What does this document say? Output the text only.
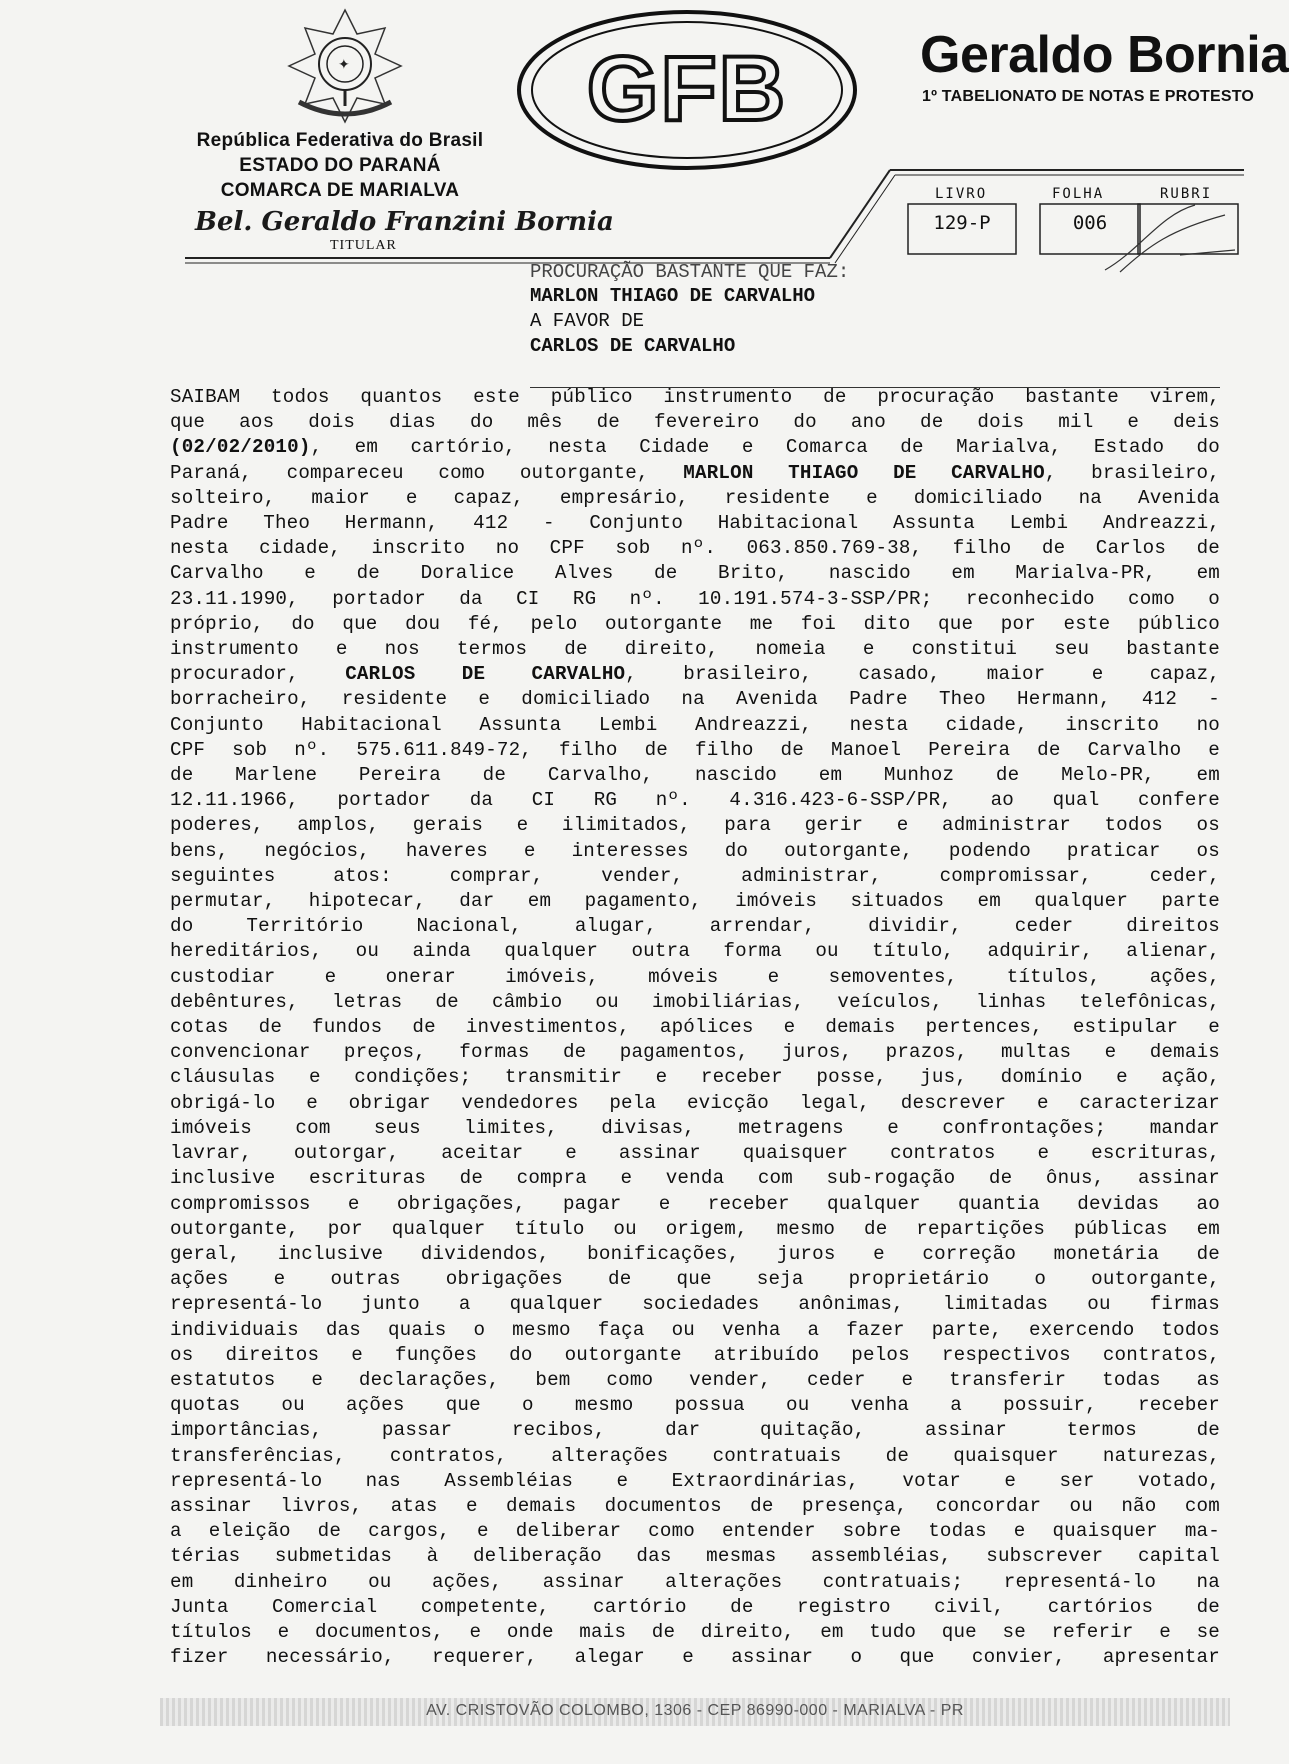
✦
República Federativa do Brasil
ESTADO DO PARANÁ
COMARCA DE MARIALVA
Bel. Geraldo Franzini Bornia
TITULAR
GFB	Geraldo Bornia
1º TABELIONATO DE NOTAS E PROTESTO
LIVRO	FOLHA	RUBRI
129-P	006
PROCURAÇÃO BASTANTE QUE FAZ:
MARLON THIAGO DE CARVALHO
A FAVOR DE
CARLOS DE CARVALHO
SAIBAM todos quantos este público instrumento de procuração bastante virem,
que aos dois dias do mês de fevereiro do ano de dois mil e deis
(02/02/2010), em cartório, nesta Cidade e Comarca de Marialva, Estado do
Paraná, compareceu como outorgante, MARLON THIAGO DE CARVALHO, brasileiro,
solteiro, maior e capaz, empresário, residente e domiciliado na Avenida
Padre Theo Hermann, 412 - Conjunto Habitacional Assunta Lembi Andreazzi,
nesta cidade, inscrito no CPF sob nº. 063.850.769-38, filho de Carlos de
Carvalho e de Doralice Alves de Brito, nascido em Marialva-PR, em
23.11.1990, portador da CI RG nº. 10.191.574-3-SSP/PR; reconhecido como o
próprio, do que dou fé, pelo outorgante me foi dito que por este público
instrumento e nos termos de direito, nomeia e constitui seu bastante
procurador, CARLOS DE CARVALHO, brasileiro, casado, maior e capaz,
borracheiro, residente e domiciliado na Avenida Padre Theo Hermann, 412 -
Conjunto Habitacional Assunta Lembi Andreazzi, nesta cidade, inscrito no
CPF sob nº. 575.611.849-72, filho de filho de Manoel Pereira de Carvalho e
de Marlene Pereira de Carvalho, nascido em Munhoz de Melo-PR, em
12.11.1966, portador da CI RG nº. 4.316.423-6-SSP/PR, ao qual confere
poderes, amplos, gerais e ilimitados, para gerir e administrar todos os
bens, negócios, haveres e interesses do outorgante, podendo praticar os
seguintes atos: comprar, vender, administrar, compromissar, ceder,
permutar, hipotecar, dar em pagamento, imóveis situados em qualquer parte
do Território Nacional, alugar, arrendar, dividir, ceder direitos
hereditários, ou ainda qualquer outra forma ou título, adquirir, alienar,
custodiar e onerar imóveis, móveis e semoventes, títulos, ações,
debêntures, letras de câmbio ou imobiliárias, veículos, linhas telefônicas,
cotas de fundos de investimentos, apólices e demais pertences, estipular e
convencionar preços, formas de pagamentos, juros, prazos, multas e demais
cláusulas e condições; transmitir e receber posse, jus, domínio e ação,
obrigá-lo e obrigar vendedores pela evicção legal, descrever e caracterizar
imóveis com seus limites, divisas, metragens e confrontações; mandar
lavrar, outorgar, aceitar e assinar quaisquer contratos e escrituras,
inclusive escrituras de compra e venda com sub-rogação de ônus, assinar
compromissos e obrigações, pagar e receber qualquer quantia devidas ao
outorgante, por qualquer título ou origem, mesmo de repartições públicas em
geral, inclusive dividendos, bonificações, juros e correção monetária de
ações e outras obrigações de que seja proprietário o outorgante,
representá-lo junto a qualquer sociedades anônimas, limitadas ou firmas
individuais das quais o mesmo faça ou venha a fazer parte, exercendo todos
os direitos e funções do outorgante atribuído pelos respectivos contratos,
estatutos e declarações, bem como vender, ceder e transferir todas as
quotas ou ações que o mesmo possua ou venha a possuir, receber
importâncias, passar recibos, dar quitação, assinar termos de
transferências, contratos, alterações contratuais de quaisquer naturezas,
representá-lo nas Assembléias e Extraordinárias, votar e ser votado,
assinar livros, atas e demais documentos de presença, concordar ou não com
a eleição de cargos, e deliberar como entender sobre todas e quaisquer ma-
térias submetidas à deliberação das mesmas assembléias, subscrever capital
em dinheiro ou ações, assinar alterações contratuais; representá-lo na
Junta Comercial competente, cartório de registro civil, cartórios de
títulos e documentos, e onde mais de direito, em tudo que se referir e se
fizer necessário, requerer, alegar e assinar o que convier, apresentar
AV. CRISTOVÃO COLOMBO, 1306 - CEP 86990-000 - MARIALVA - PR
